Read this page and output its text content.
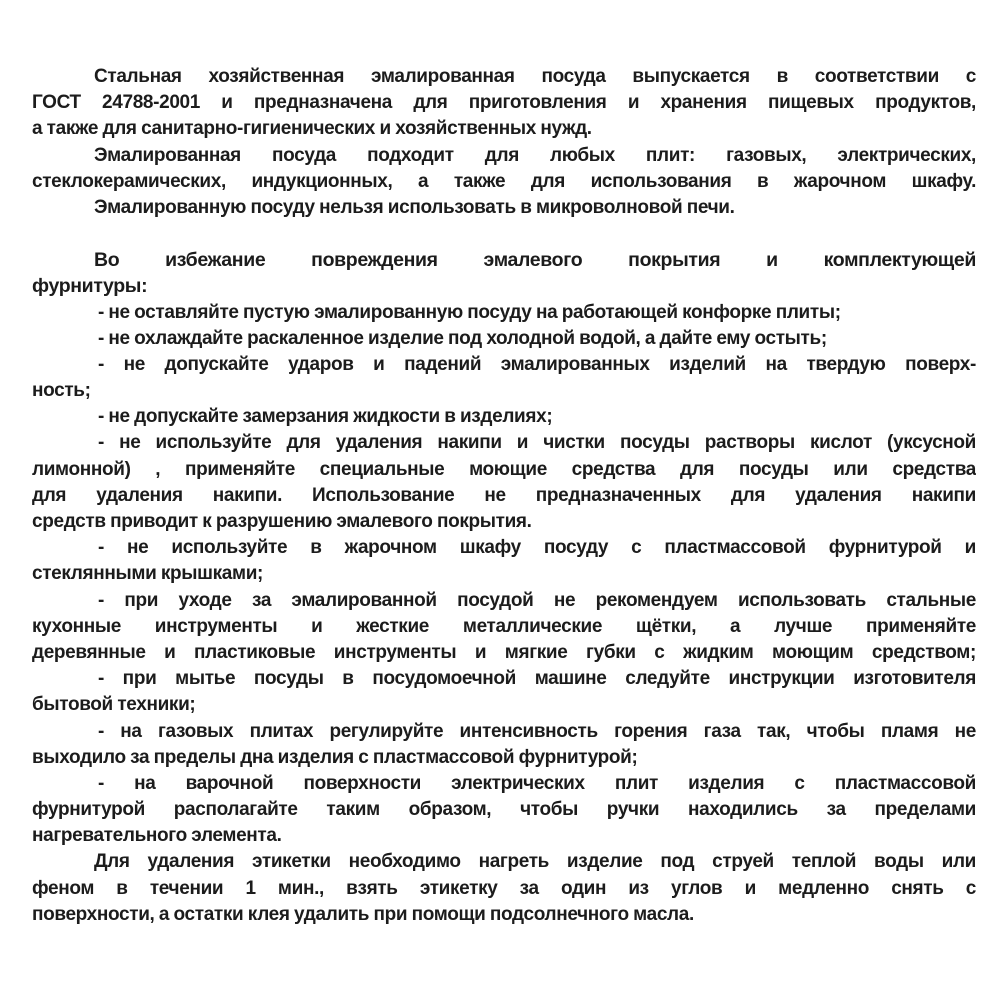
Стальная хозяйственная эмалированная посуда выпускается в соответствии с
ГОСТ 24788-2001 и предназначена для приготовления и хранения пищевых продуктов,
а также для санитарно-гигиенических и хозяйственных нужд.
Эмалированная посуда подходит для любых плит: газовых, электрических,
стеклокерамических, индукционных, а также для использования в жарочном шкафу.
Эмалированную посуду нельзя использовать в микроволновой печи.
Во избежание повреждения эмалевого покрытия и комплектующей
фурнитуры:
- не оставляйте пустую эмалированную посуду на работающей конфорке плиты;
- не охлаждайте раскаленное изделие под холодной водой, а дайте ему остыть;
- не допускайте ударов и падений эмалированных изделий на твердую поверх-
ность;
- не допускайте замерзания жидкости в изделиях;
- не используйте для удаления накипи и чистки посуды растворы кислот (уксусной
лимонной) , применяйте специальные моющие средства для посуды или средства
для удаления накипи. Использование не предназначенных для удаления накипи
средств приводит к разрушению эмалевого покрытия.
- не используйте в жарочном шкафу посуду с пластмассовой фурнитурой и
стеклянными крышками;
- при уходе за эмалированной посудой не рекомендуем использовать стальные
кухонные инструменты и жесткие металлические щётки, а лучше применяйте
деревянные и пластиковые инструменты и мягкие губки с жидким моющим средством;
- при мытье посуды в посудомоечной машине следуйте инструкции изготовителя
бытовой техники;
- на газовых плитах регулируйте интенсивность горения газа так, чтобы пламя не
выходило за пределы дна изделия с пластмассовой фурнитурой;
- на варочной поверхности электрических плит изделия с пластмассовой
фурнитурой располагайте таким образом, чтобы ручки находились за пределами
нагревательного элемента.
Для удаления этикетки необходимо нагреть изделие под струей теплой воды или
феном в течении 1 мин., взять этикетку за один из углов и медленно снять с
поверхности, а остатки клея удалить при помощи подсолнечного масла.
